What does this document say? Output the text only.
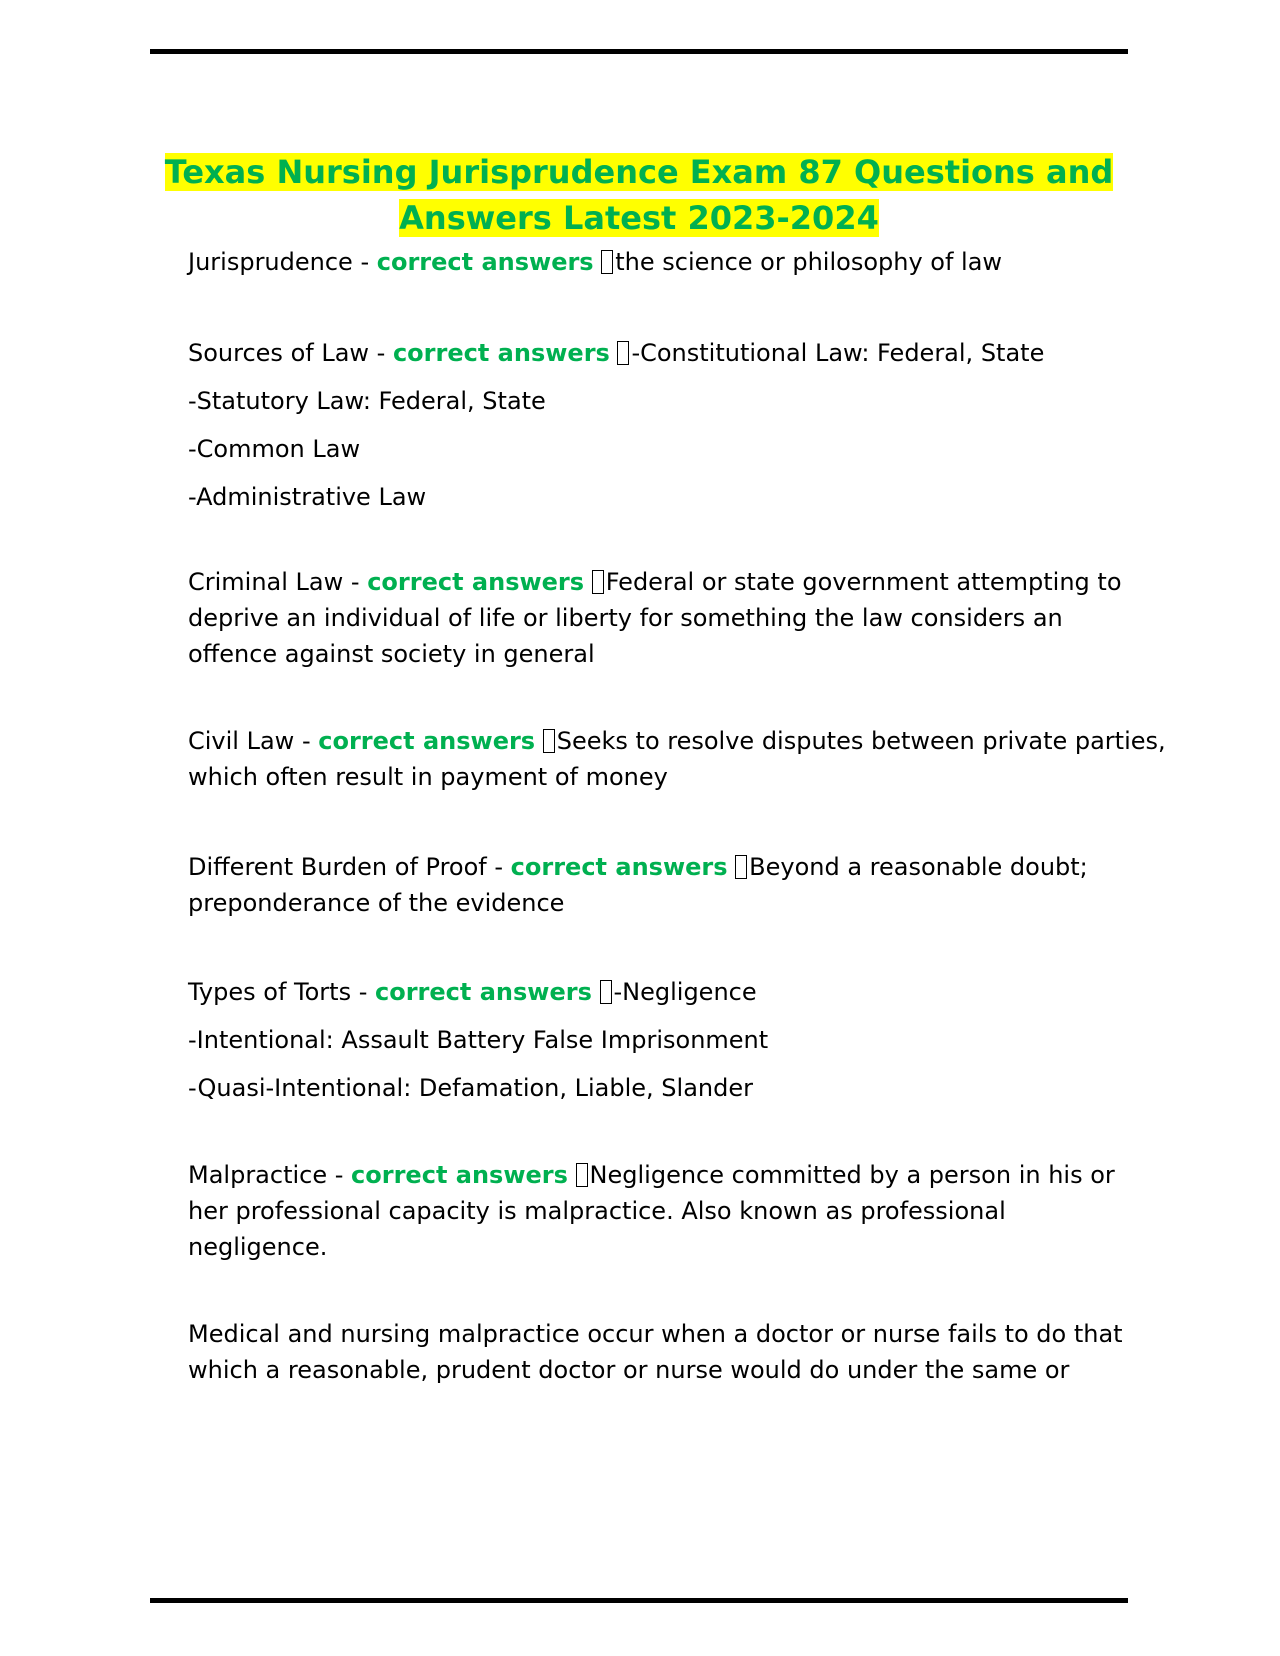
Texas Nursing Jurisprudence Exam 87 Questions and
Answers Latest 2023-2024

Jurisprudence - correct answers the science or philosophy of law

Sources of Law - correct answers -Constitutional Law: Federal, State
-Statutory Law: Federal, State
-Common Law
-Administrative Law

Criminal Law - correct answers Federal or state government attempting to
deprive an individual of life or liberty for something the law considers an
offence against society in general

Civil Law - correct answers Seeks to resolve disputes between private parties,
which often result in payment of money

Different Burden of Proof - correct answers Beyond a reasonable doubt;
preponderance of the evidence

Types of Torts - correct answers -Negligence
-Intentional: Assault Battery False Imprisonment
-Quasi-Intentional: Defamation, Liable, Slander

Malpractice - correct answers Negligence committed by a person in his or
her professional capacity is malpractice. Also known as professional
negligence.

Medical and nursing malpractice occur when a doctor or nurse fails to do that
which a reasonable, prudent doctor or nurse would do under the same or
